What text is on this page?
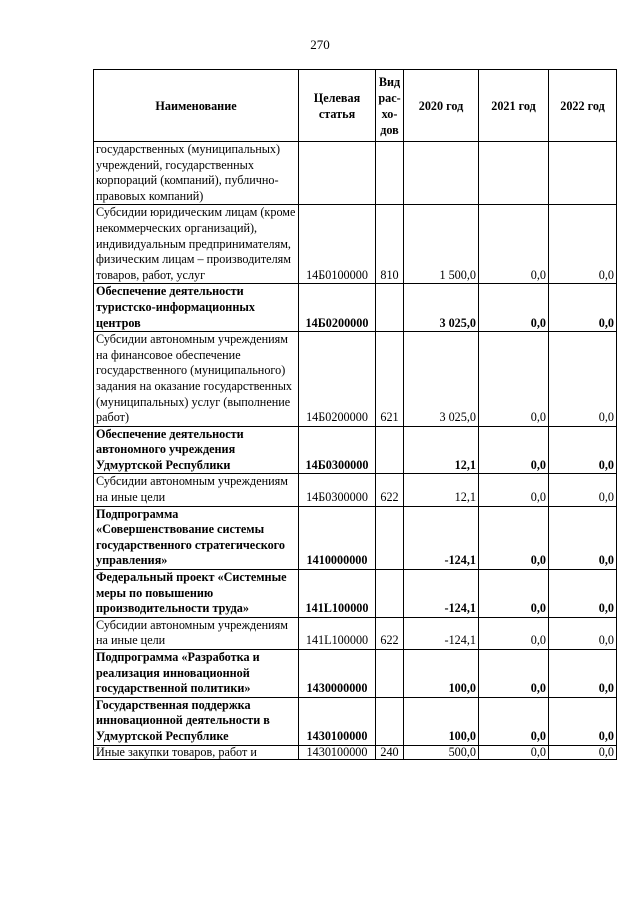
270
Наименование	Целевая статья	Вид рас-хо-дов	2020 год	2021 год	2022 год
государственных (муниципальных) учреждений, государственных корпораций (компаний), публично-правовых компаний)					
Субсидии юридическим лицам (кроме некоммерческих организаций), индивидуальным предпринимателям, физическим лицам – производителям товаров, работ, услуг	14Б0100000	810	1 500,0	0,0	0,0
Обеспечение деятельности туристско-информационных центров	14Б0200000		3 025,0	0,0	0,0
Субсидии автономным учреждениям на финансовое обеспечение государственного (муниципального) задания на оказание государственных (муниципальных) услуг (выполнение работ)	14Б0200000	621	3 025,0	0,0	0,0
Обеспечение деятельности автономного учреждения Удмуртской Республики	14Б0300000		12,1	0,0	0,0
Субсидии автономным учреждениям на иные цели	14Б0300000	622	12,1	0,0	0,0
Подпрограмма «Совершенствование системы государственного стратегического управления»	1410000000		-124,1	0,0	0,0
Федеральный проект «Системные меры по повышению производительности труда»	141L100000		-124,1	0,0	0,0
Субсидии автономным учреждениям на иные цели	141L100000	622	-124,1	0,0	0,0
Подпрограмма «Разработка и реализация инновационной государственной политики»	1430000000		100,0	0,0	0,0
Государственная поддержка инновационной деятельности в Удмуртской Республике	1430100000		100,0	0,0	0,0
Иные закупки товаров, работ и	1430100000	240	500,0	0,0	0,0
